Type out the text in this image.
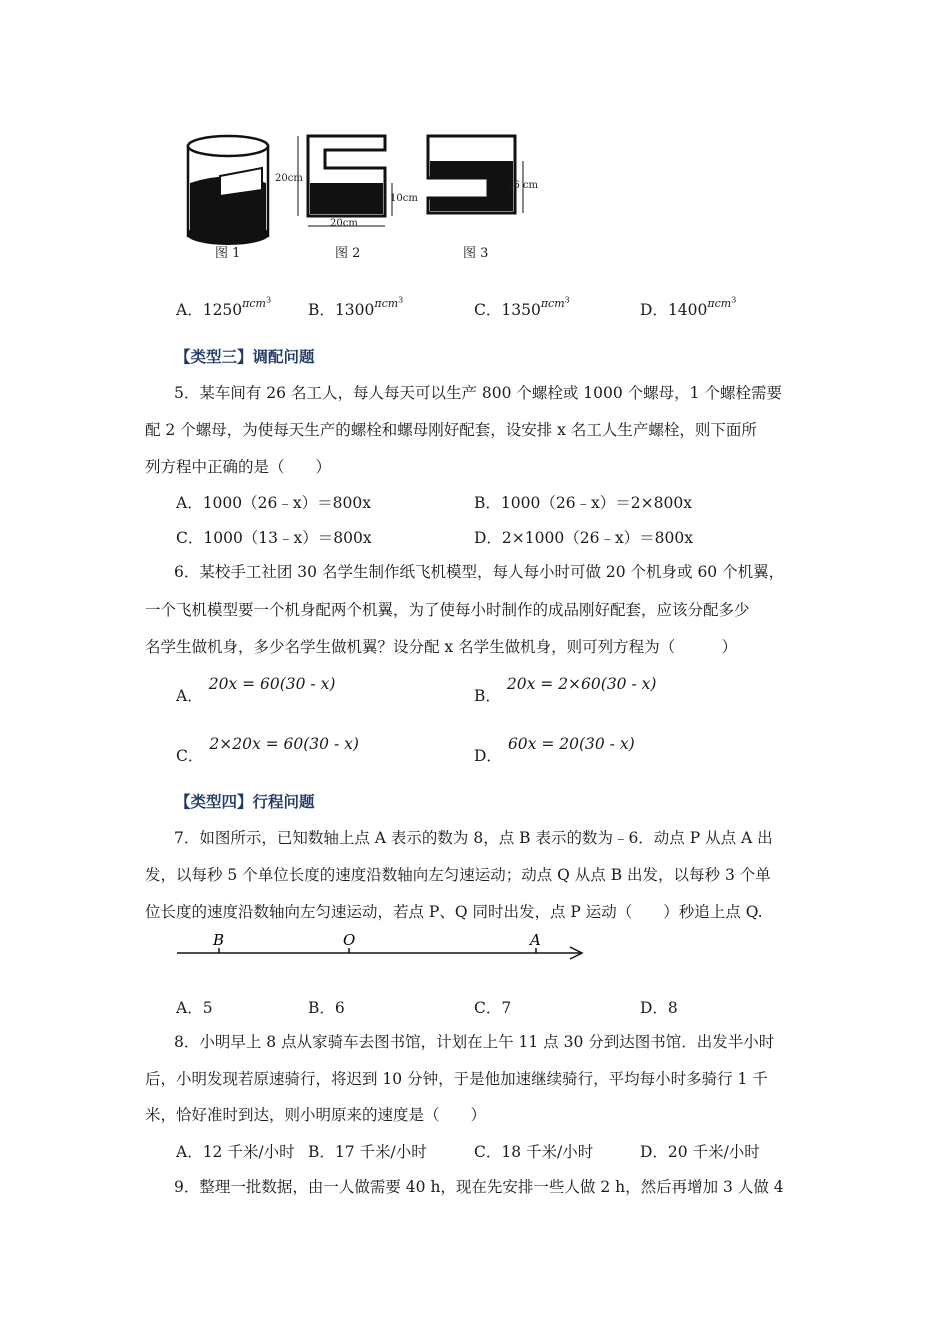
20cm
10cm
20cm
16 cm
图 1	图 2	图 3
A．$1250^{\pi cm^3}$
B．$1300^{\pi cm^3}$
C．$1350^{\pi cm^3}$
D．$1400^{\pi cm^3}$
【类型三】调配问题
5．某车间有 26 名工人，每人每天可以生产 800 个螺栓或 1000 个螺母，1 个螺栓需要
配 2 个螺母，为使每天生产的螺栓和螺母刚好配套，设安排 x 名工人生产螺栓，则下面所
列方程中正确的是（　　）
A．1000（26﹣x）＝800x	B．1000（26﹣x）＝2×800x
C．1000（13﹣x）＝800x	D．2×1000（26﹣x）＝800x
6．某校手工社团 30 名学生制作纸飞机模型，每人每小时可做 20 个机身或 60 个机翼，
一个飞机模型要一个机身配两个机翼，为了使每小时制作的成品刚好配套，应该分配多少
名学生做机身，多少名学生做机翼？设分配 x 名学生做机身，则可列方程为（　　　）
A．20x = 60(30 - x)
B．20x = 2×60(30 - x)
C．2×20x = 60(30 - x)
D．60x = 20(30 - x)
【类型四】行程问题
7．如图所示，已知数轴上点 A 表示的数为 8，点 B 表示的数为﹣6．动点 P 从点 A 出
发，以每秒 5 个单位长度的速度沿数轴向左匀速运动；动点 Q 从点 B 出发，以每秒 3 个单
位长度的速度沿数轴向左匀速运动，若点 P、Q 同时出发，点 P 运动（　　）秒追上点 Q.
B	O	A
A．5	B．6	C．7	D．8
8．小明早上 8 点从家骑车去图书馆，计划在上午 11 点 30 分到达图书馆．出发半小时
后，小明发现若原速骑行，将迟到 10 分钟，于是他加速继续骑行，平均每小时多骑行 1 千
米，恰好准时到达，则小明原来的速度是（　　）
A．12 千米/小时 B．17 千米/小时	C．18 千米/小时	D．20 千米/小时
9．整理一批数据，由一人做需要 40 h，现在先安排一些人做 2 h，然后再增加 3 人做 4
